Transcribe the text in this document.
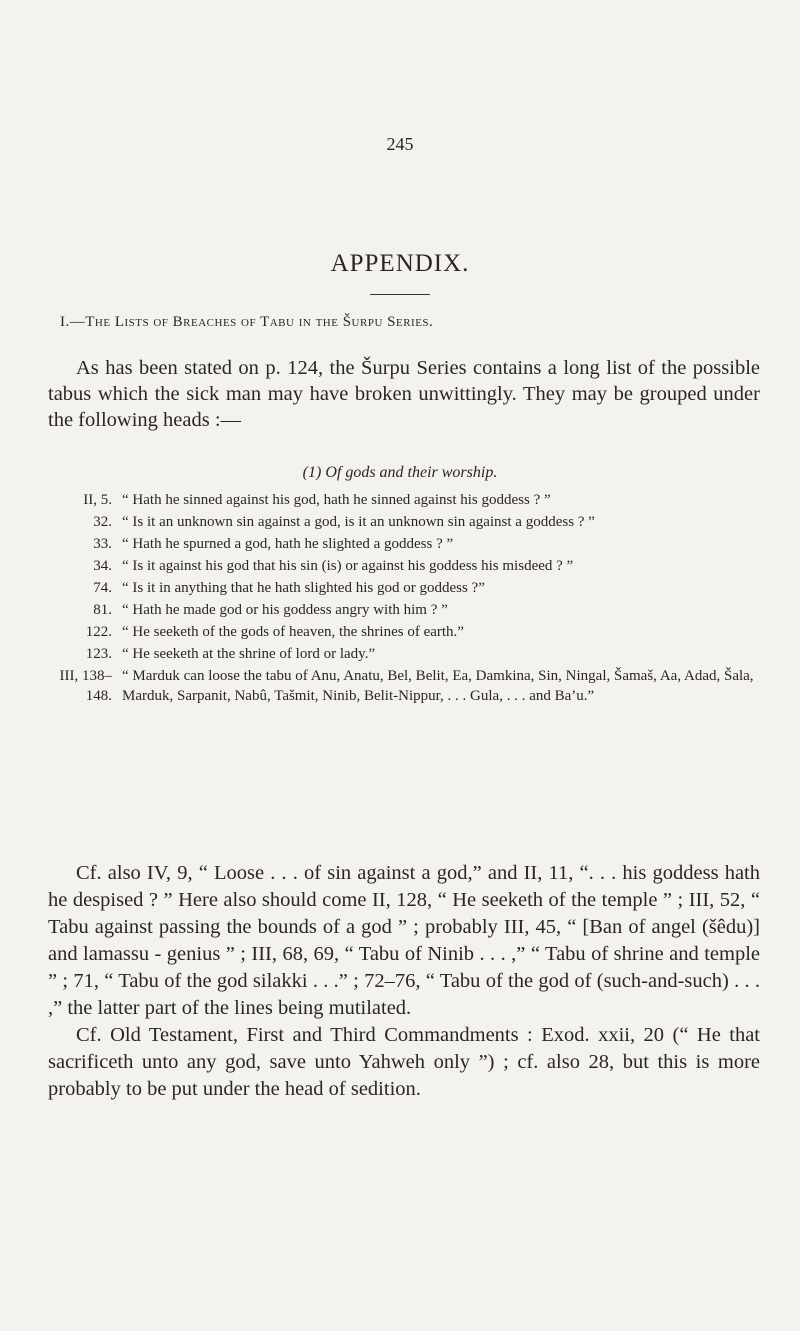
245
APPENDIX.
I.—The Lists of Breaches of Tabu in the Šurpu Series.

As has been stated on p. 124, the Šurpu Series contains a long list of the possible tabus which the sick man may have broken unwittingly. They may be grouped under the following heads :—

(1) Of gods and their worship.
II, 5. “ Hath he sinned against his god, hath he sinned against his goddess ? ”
32. “ Is it an unknown sin against a god, is it an unknown sin against a goddess ? ”
33. “ Hath he spurned a god, hath he slighted a goddess ? ”
34. “ Is it against his god that his sin (is) or against his goddess his misdeed ? ”
74. “ Is it in anything that he hath slighted his god or goddess ?”
81. “ Hath he made god or his goddess angry with him ? ”
122. “ He seeketh of the gods of heaven, the shrines of earth.”
123. “ He seeketh at the shrine of lord or lady.”
III, 138–148.
“ Marduk can loose the tabu of Anu, Anatu, Bel, Belit, Ea, Damkina, Sin, Ningal, Šamaš, Aa, Adad, Šala, Marduk, Sarpanit, Nabû, Tašmit, Ninib, Belit-Nippur, . . . Gula, . . . and Ba’u.”

Cf. also IV, 9, “ Loose . . . of sin against a god,” and II, 11, “. . . his goddess hath he despised ? ” Here also should come II, 128, “ He seeketh of the temple ” ; III, 52, “ Tabu against passing the bounds of a god ” ; probably III, 45, “ [Ban of angel (šêdu)] and lamassu - genius ” ; III, 68, 69, “ Tabu of Ninib . . . ,” “ Tabu of shrine and temple ” ; 71, “ Tabu of the god silakki . . .” ; 72–76, “ Tabu of the god of (such-and-such) . . . ,” the latter part of the lines being mutilated.

Cf. Old Testament, First and Third Commandments : Exod. xxii, 20 (“ He that sacrificeth unto any god, save unto Yahweh only ”) ; cf. also 28, but this is more probably to be put under the head of sedition.
